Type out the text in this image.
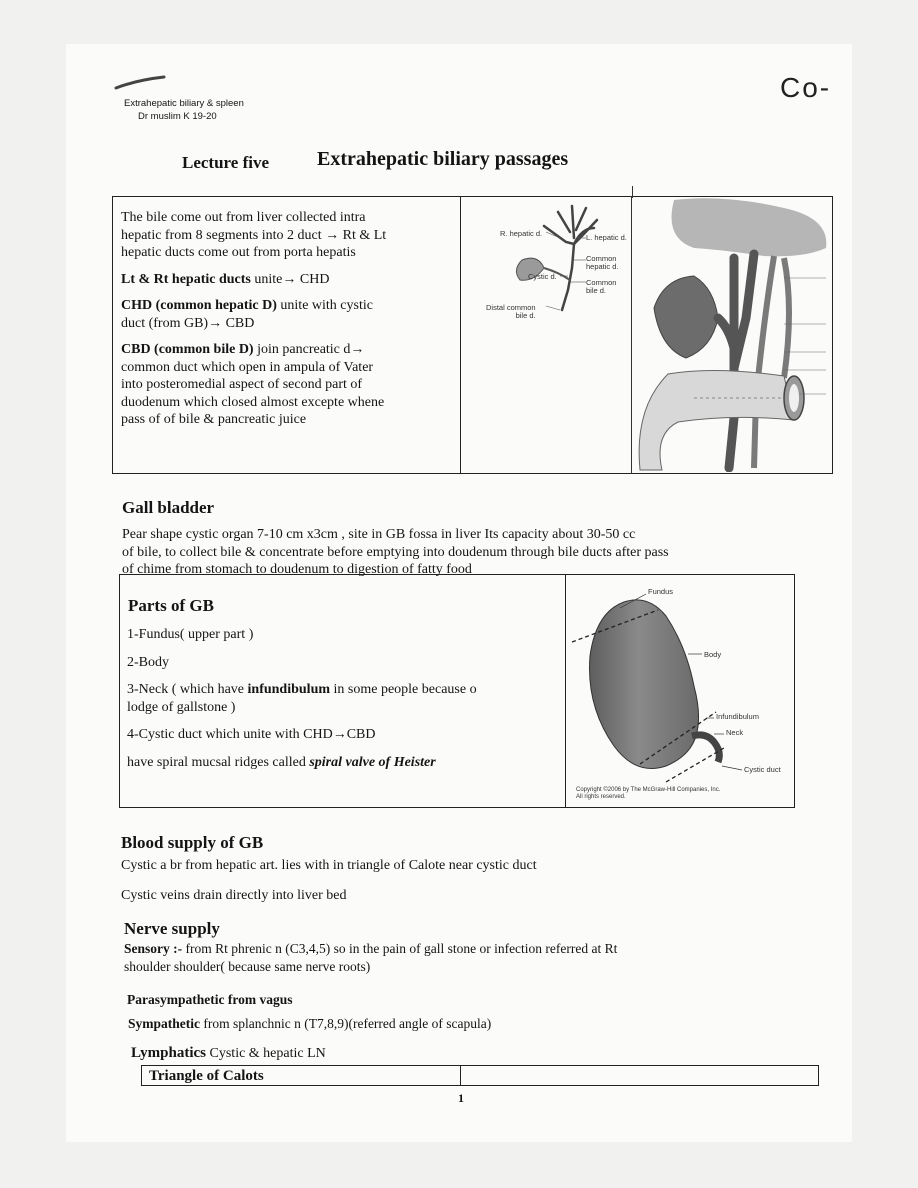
Extrahepatic biliary & spleen
Dr muslim K 19-20
Co-
Lecture five Extrahepatic biliary passages

The bile come out from liver collected intra

hepatic from 8 segments into 2 duct → Rt & Lt

hepatic ducts come out from porta hepatis

Lt & Rt hepatic ducts unite→ CHD

CHD (common hepatic D) unite with cystic

duct (from GB)→ CBD

CBD (common bile D) join pancreatic d→

common duct which open in ampula of Vater

into posteromedial aspect of second part of

duodenum which closed almost excepte whene

pass of of bile & pancreatic juice

R. hepatic d.	L. hepatic d.
Common
hepatic d.
Cystic d.
Common
bile d.
Distal common
bile d.
Gall bladder

Pear shape cystic organ 7-10 cm x3cm , site in GB fossa in liver Its capacity about 30-50 cc

of bile, to collect bile & concentrate before emptying into doudenum through bile ducts after pass

of chime from stomach to doudenum to digestion of fatty food

Parts of GB

1-Fundus( upper part )

2-Body

3-Neck ( which have infundibulum in some people because o

lodge of gallstone )

4-Cystic duct which unite with CHD→CBD

have spiral mucsal ridges called spiral valve of Heister

Fundus
Body
Infundibulum
Neck
Cystic duct
Copyright ©2006 by The McGraw-Hill Companies, Inc.
All rights reserved.
Blood supply of GB
Cystic a br from hepatic art. lies with in triangle of Calote near cystic duct
Cystic veins drain directly into liver bed
Nerve supply

Sensory :- from Rt phrenic n (C3,4,5) so in the pain of gall stone or infection referred at Rt

shoulder shoulder( because same nerve roots)

Parasympathetic from vagus
Sympathetic from splanchnic n (T7,8,9)(referred angle of scapula)
Lymphatics Cystic & hepatic LN
Triangle of Calots
1
